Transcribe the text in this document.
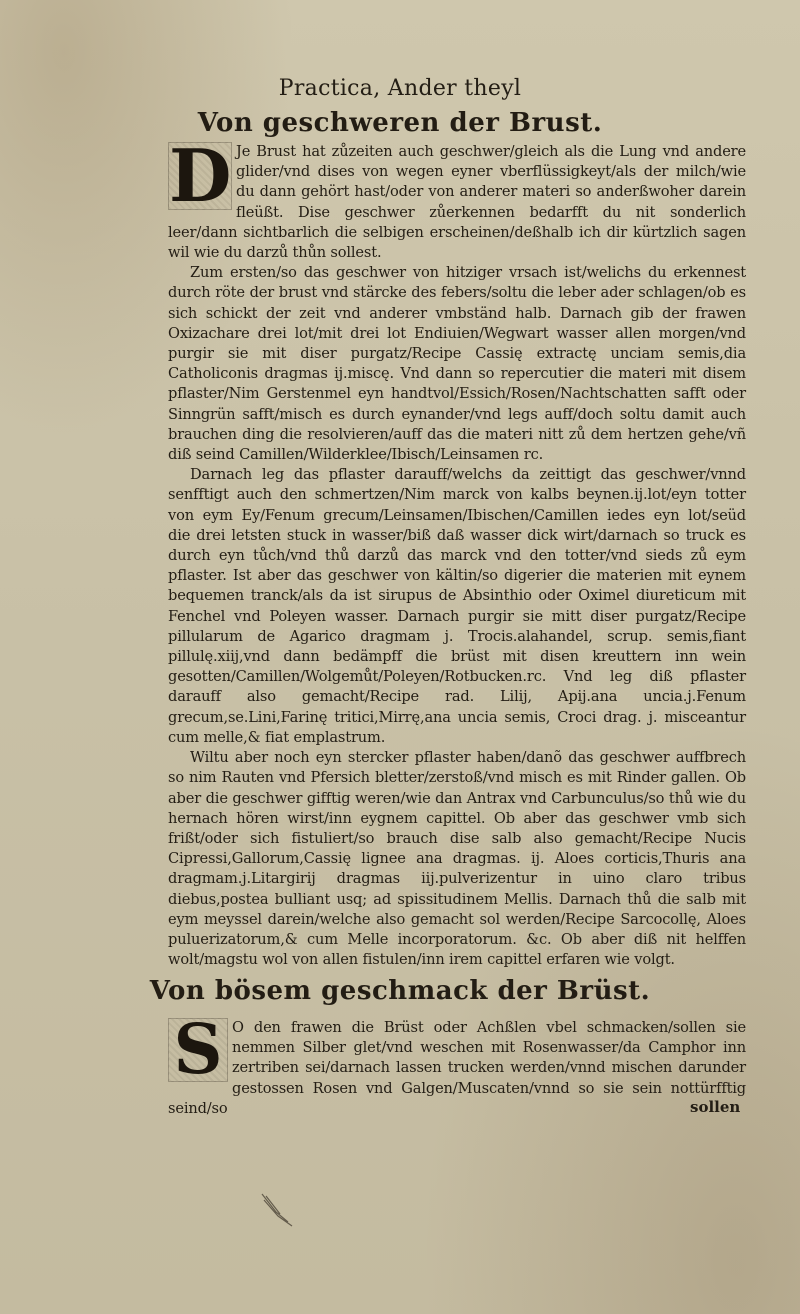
Practica, Ander theyl
Von geschweren der Brust.

D Je Brust hat zůzeiten auch geschwer/gleich als die Lung vnd andere glider/vnd dises von wegen eyner vberflüssigkeyt/als der milch/wie du dann gehört hast/oder von anderer materi so anderßwoher darein fleüßt. Dise geschwer zůerkennen bedarfft du nit sonderlich leer/dann sichtbarlich die selbigen erscheinen/deßhalb ich dir kürtzlich sagen wil wie du darzů thůn sollest.

Zum ersten/so das geschwer von hitziger vrsach ist/welichs du erkennest durch röte der brust vnd stärcke des febers/soltu die leber ader schlagen/ob es sich schickt der zeit vnd anderer vmbständ halb. Darnach gib der frawen Oxizachare drei lot/mit drei lot Endiuien/Wegwart wasser allen morgen/vnd purgir sie mit diser purgatz/Recipe Cassię extractę unciam semis,dia Catholiconis dragmas ij.miscę. Vnd dann so repercutier die materi mit disem pflaster/Nim Gerstenmel eyn handtvol/Essich/Rosen/Nachtschatten safft oder Sinngrün safft/misch es durch eynander/vnd legs auff/doch soltu damit auch brauchen ding die resolvieren/auff das die materi nitt zů dem hertzen gehe/vñ diß seind Camillen/Wilderklee/Ibisch/Leinsamen rc.

Darnach leg das pflaster darauff/welchs da zeittigt das geschwer/vnnd senfftigt auch den schmertzen/Nim marck von kalbs beynen.ij.lot/eyn totter von eym Ey/Fenum grecum/Leinsamen/Ibischen/Camillen iedes eyn lot/seüd die drei letsten stuck in wasser/biß daß wasser dick wirt/darnach so truck es durch eyn tůch/vnd thů darzů das marck vnd den totter/vnd sieds zů eym pflaster. Ist aber das geschwer von kältin/so digerier die materien mit eynem bequemen tranck/als da ist sirupus de Absinthio oder Oximel diureticum mit Fenchel vnd Poleyen wasser. Darnach purgir sie mitt diser purgatz/Recipe pillularum de Agarico dragmam j. Trocis.alahandel, scrup. semis,fiant pillulę.xiij,vnd dann bedämpff die brüst mit disen kreuttern inn wein gesotten/Camillen/Wolgemůt/Poleyen/Rotbucken.rc. Vnd leg diß pflaster darauff also gemacht/Recipe rad. Lilij, Apij.ana uncia.j.Fenum grecum,se.Lini,Farinę tritici,Mirrę,ana uncia semis, Croci drag. j. misceantur cum melle,& fiat emplastrum.

Wiltu aber noch eyn stercker pflaster haben/danõ das geschwer auffbrech so nim Rauten vnd Pfersich bletter/zerstoß/vnd misch es mit Rinder gallen. Ob aber die geschwer gifftig weren/wie dan Antrax vnd Carbunculus/so thů wie du hernach hören wirst/inn eygnem capittel. Ob aber das geschwer vmb sich frißt/oder sich fistuliert/so brauch dise salb also gemacht/Recipe Nucis Cipressi,Gallorum,Cassię lignee ana dragmas. ij. Aloes corticis,Thuris ana dragmam.j.Litargirij dragmas iij.pulverizentur in uino claro tribus diebus,postea bulliant usq; ad spissitudinem Mellis. Darnach thů die salb mit eym meyssel darein/welche also gemacht sol werden/Recipe Sarcocollę, Aloes puluerizatorum,& cum Melle incorporatorum. &c. Ob aber diß nit helffen wolt/magstu wol von allen fistulen/inn irem capittel erfaren wie volgt.

Von bösem geschmack der Brüst.

S O den frawen die Brüst oder Achßlen vbel schmacken/sollen sie nemmen Silber glet/vnd weschen mit Rosenwasser/da Camphor inn zertriben sei/darnach lassen trucken werden/vnnd mischen darunder gestossen Rosen vnd Galgen/Muscaten/vnnd so sie sein nottürfftig seind/so	sollen
